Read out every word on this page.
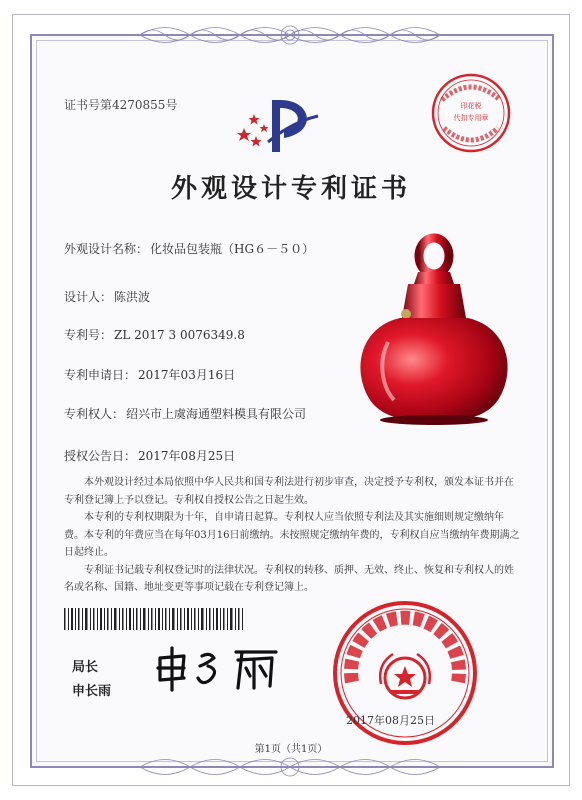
证书号第4270855号	印花税
代扣专用章
外观设计专利证书
外观设计名称： 化妆品包装瓶（HG６－５０）
设计人： 陈洪波
专利号： ZL 2017 3 0076349.8
专利申请日： 2017年03月16日
专利权人： 绍兴市上虞海通塑料模具有限公司
授权公告日： 2017年08月25日

本外观设计经过本局依照中华人民共和国专利法进行初步审查，决定授予专利权，颁发本证书并在专利登记簿上予以登记。专利权自授权公告之日起生效。

本专利的专利权期限为十年，自申请日起算。专利权人应当依照专利法及其实施细则规定缴纳年费。本专利的年费应当在每年03月16日前缴纳。未按照规定缴纳年费的，专利权自应当缴纳年费期满之日起终止。

专利证书记载专利权登记时的法律状况。专利权的转移、质押、无效、终止、恢复和专利权人的姓名或名称、国籍、地址变更等事项记载在专利登记簿上。

局长
申长雨
2017年08月25日
第1页（共1页）
